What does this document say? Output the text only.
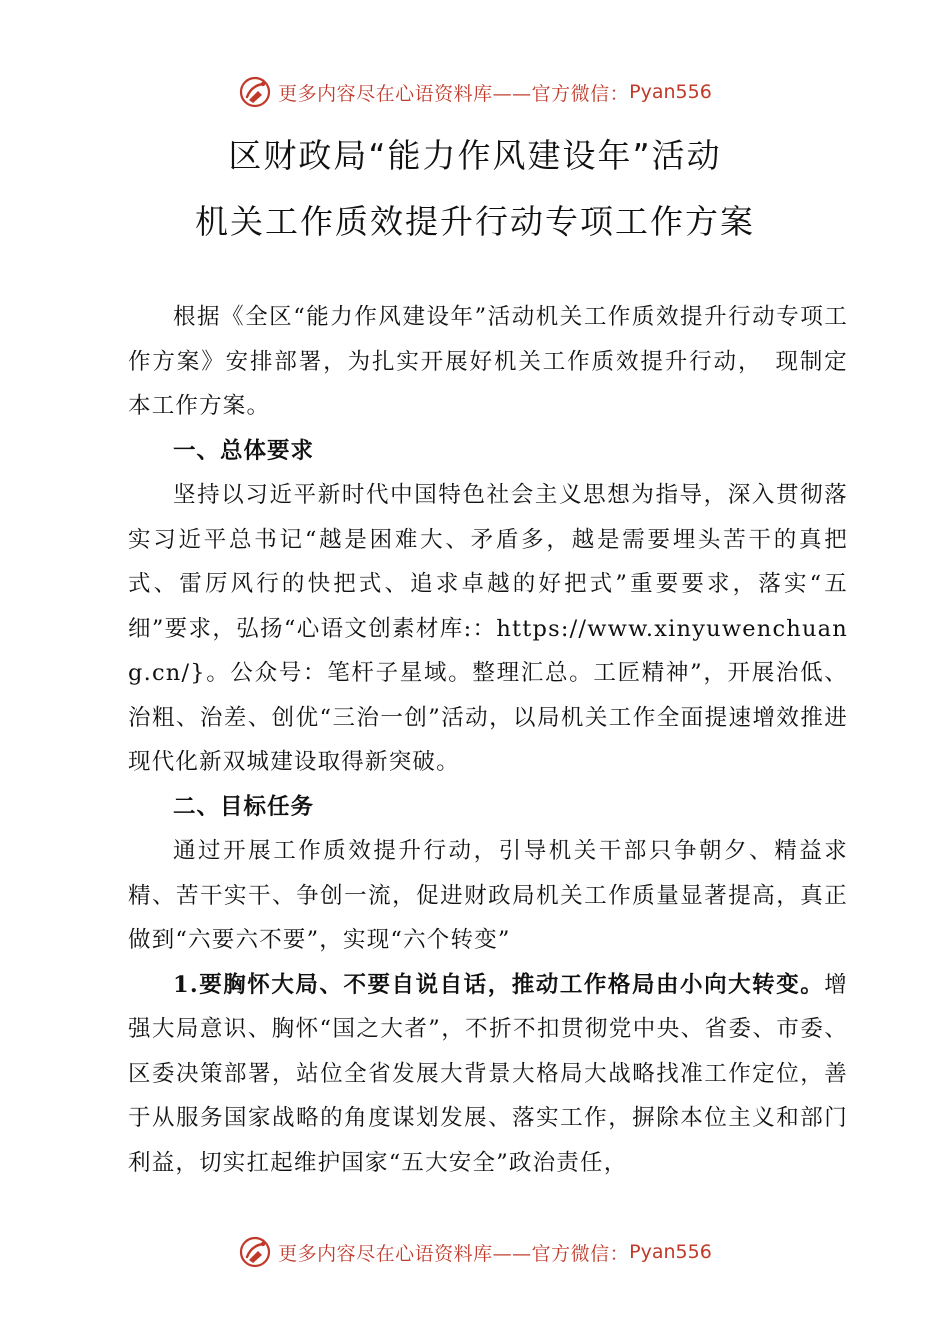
更多内容尽在心语资料库——官方微信： Pyan556
区财政局“能力作风建设年”活动
机关工作质效提升行动专项工作方案

根据《全区“能力作风建设年”活动机关工作质效提升行动专项工作方案》安排部署，为扎实开展好机关工作质效提升行动，　现制定本工作方案。

一、总体要求

坚持以习近平新时代中国特色社会主义思想为指导，深入贯彻落实习近平总书记“越是困难大、矛盾多，越是需要埋头苦干的真把式、雷厉风行的快把式、追求卓越的好把式”重要要求，落实“五细”要求，弘扬“心语文创素材库:：https://www.xinyuwenchuang.cn/}。公众号：笔杆子星域。整理汇总。工匠精神”，开展治低、治粗、治差、创优“三治一创”活动，以局机关工作全面提速增效推进现代化新双城建设取得新突破。

二、目标任务

通过开展工作质效提升行动，引导机关干部只争朝夕、精益求精、苦干实干、争创一流，促进财政局机关工作质量显著提高，真正做到“六要六不要”，实现“六个转变”

1.要胸怀大局、不要自说自话，推动工作格局由小向大转变。增强大局意识、胸怀“国之大者”，不折不扣贯彻党中央、省委、市委、区委决策部署，站位全省发展大背景大格局大战略找准工作定位，善于从服务国家战略的角度谋划发展、落实工作，摒除本位主义和部门利益，切实扛起维护国家“五大安全”政治责任，

更多内容尽在心语资料库——官方微信： Pyan556
